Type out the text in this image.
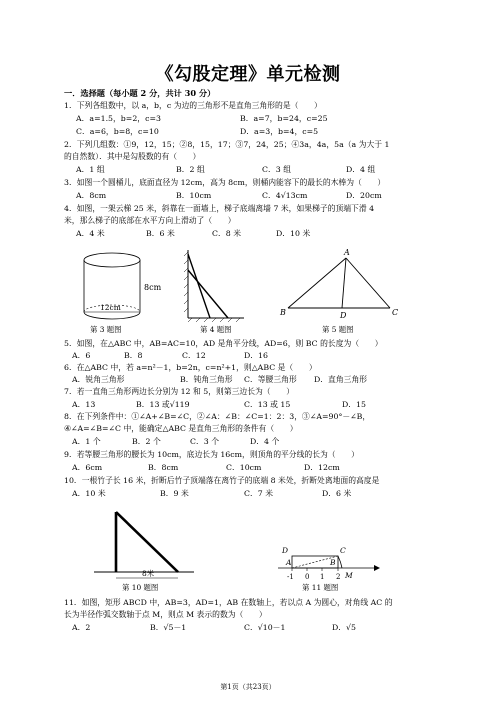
《勾股定理》单元检测
一．选择题（每小题 2 分，共计 30 分）
1．下列各组数中，以 a，b，c 为边的三角形不是直角三角形的是（　　）
A．a=1.5，b=2，c=3	B．a=7，b=24，c=25
C．a=6，b=8，c=10	D．a=3，b=4，c=5
2．下列几组数：①9，12，15；②8，15，17；③7，24，25；④3a，4a，5a（a 为大于 1
的自然数）．其中是勾股数的有（　　）
A．1 组	B．2 组	C．3 组	D．4 组
3．如图一个圆桶儿，底面直径为 12cm，高为 8cm，则桶内能容下的最长的木棒为（　　）
A．8cm	B．10cm	C．4√13cm	D．20cm
4．如图，一架云梯 25 米，斜靠在一面墙上，梯子底端离墙 7 米，如果梯子的顶端下滑 4
米，那么梯子的底部在水平方向上滑动了（　　）
A．4 米	B．6 米	C．8 米	D．10 米
8cm
12cm
A
B	C
D
第 3 题图	第 4 题图	第 5 题图
5．如图，在△ABC 中，AB=AC=10，AD 是角平分线，AD=6，则 BC 的长度为（　　）
A．6	B．8	C．12	D．16
6．在△ABC 中，若 a=n²－1，b=2n，c=n²+1，则△ABC 是（　　）
A．锐角三角形	B．钝角三角形 C．等腰三角形 D．直角三角形
7．若一直角三角形两边长分别为 12 和 5，则第三边长为（　　）
A．13	B．13 或√119	C．13 或 15	D．15
8．在下列条件中：①∠A+∠B=∠C，②∠A：∠B：∠C=1：2：3，③∠A=90°－∠B，
④∠A=∠B=∠C 中，能确定△ABC 是直角三角形的条件有（　　）
A．1 个	B．2 个	C．3 个	D．4 个
9．若等腰三角形的腰长为 10cm，底边长为 16cm，则顶角的平分线的长为（　　）
A．6cm	B．8cm	C．10cm	D．12cm
10．一根竹子长 16 米，折断后竹子顶端落在离竹子的底端 8 米处，折断处离地面的高度是
A．10 米	B．9 米	C．7 米	D．6 米
8米
D	C
A	B
M
-1 0 1 2
第 10 题图	第 11 题图
11．如图，矩形 ABCD 中，AB=3，AD=1，AB 在数轴上，若以点 A 为圆心，对角线 AC 的
长为半径作弧交数轴于点 M，则点 M 表示的数为（　　）
A．2	B．√5－1	C．√10－1	D．√5
第1页（共23页）
